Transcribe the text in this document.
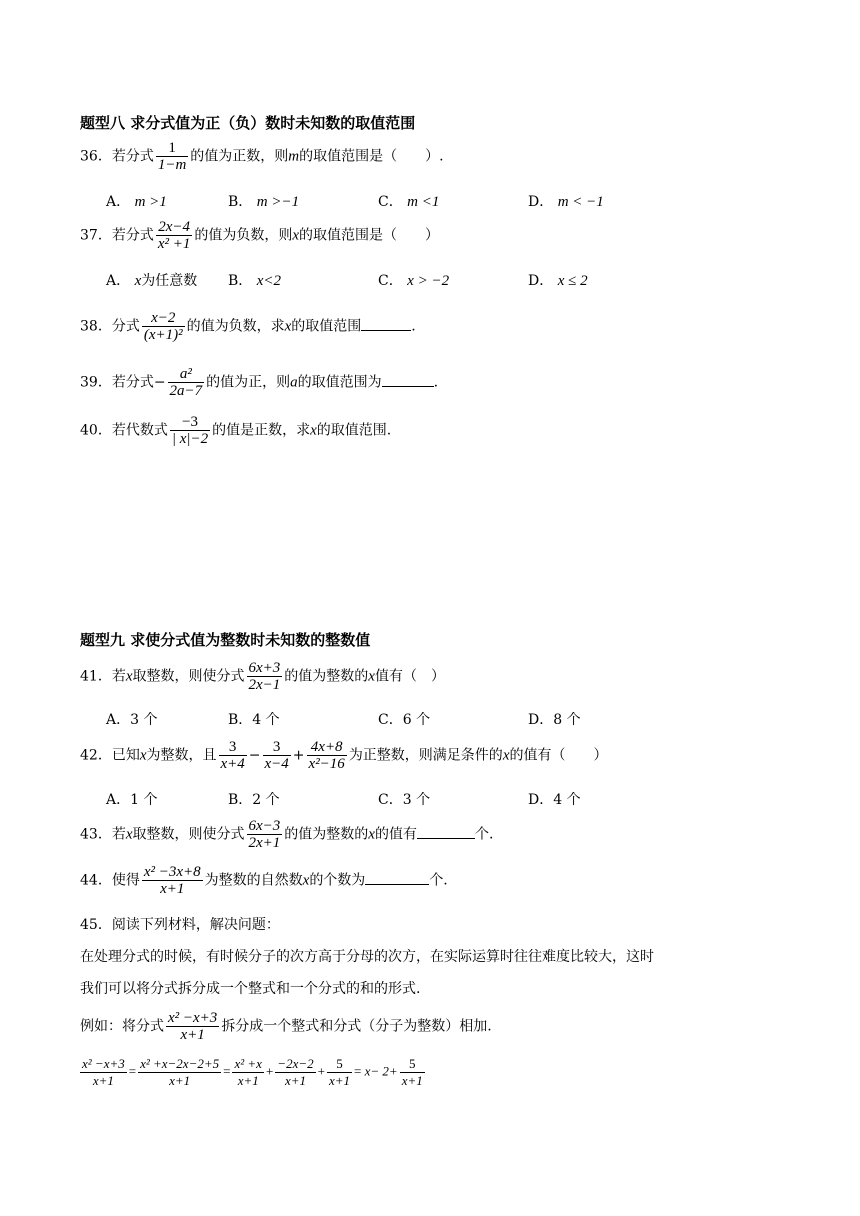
题型八 求分式值为正（负）数时未知数的取值范围
36．若分式 $\frac{1}{1-m}$ 的值为正数，则m的取值范围是（　　）.
A． m >1	B． m >−1	C． m <1	D． m < −1
37．若分式 $\frac{2x-4}{\text{x² +1}}$ 的值为负数，则x的取值范围是（　　）
A． x为任意数 B． x<2	C． x > −2	D． x ≤ 2
38．分式 $\frac{x-2}{\text{(x+1)²}}$ 的值为负数，求x的取值范围	.
39．若分式− $\frac{\text{a²}}{2a-7}$ 的值为正，则a的取值范围为	.
40．若代数式 $\frac{-3}{| x|-2}$ 的值是正数，求x的取值范围.
题型九 求使分式值为整数时未知数的整数值
41．若x取整数，则使分式 $\frac{6x+3}{2x-1}$ 的值为整数的x值有（　）
A．3 个	B．4 个	C．6 个	D．8 个
42．已知x为整数，且 $\frac{3}{x+4} - \frac{3}{x-4} + \frac{4x+8}{\text{x²−16}}$ 为正整数，则满足条件的x的值有（　　）
A．1 个	B．2 个	C．3 个	D．4 个
43．若x取整数，则使分式 $\frac{6x-3}{2x+1}$ 的值为整数的x的值有	个.
44．使得 $\frac{\text{x² −3x+8}}{x+1}$ 为整数的自然数x的个数为	个.
45．阅读下列材料，解决问题：
在处理分式的时候，有时候分子的次方高于分母的次方，在实际运算时往往难度比较大，这时
我们可以将分式拆分成一个整式和一个分式的和的形式.
例如：将分式 $\frac{\text{x² −x+3}}{x+1}$ 拆分成一个整式和分式（分子为整数）相加.
$\frac{\text{x² −x+3}}{x+1} = \frac{\text{x² +x−2x−2+5}}{x+1} = \frac{\text{x² +x}}{x+1} + \frac{-2x-2}{x+1} + \frac{5}{x+1} = x- 2+ \frac{5}{x+1}$
